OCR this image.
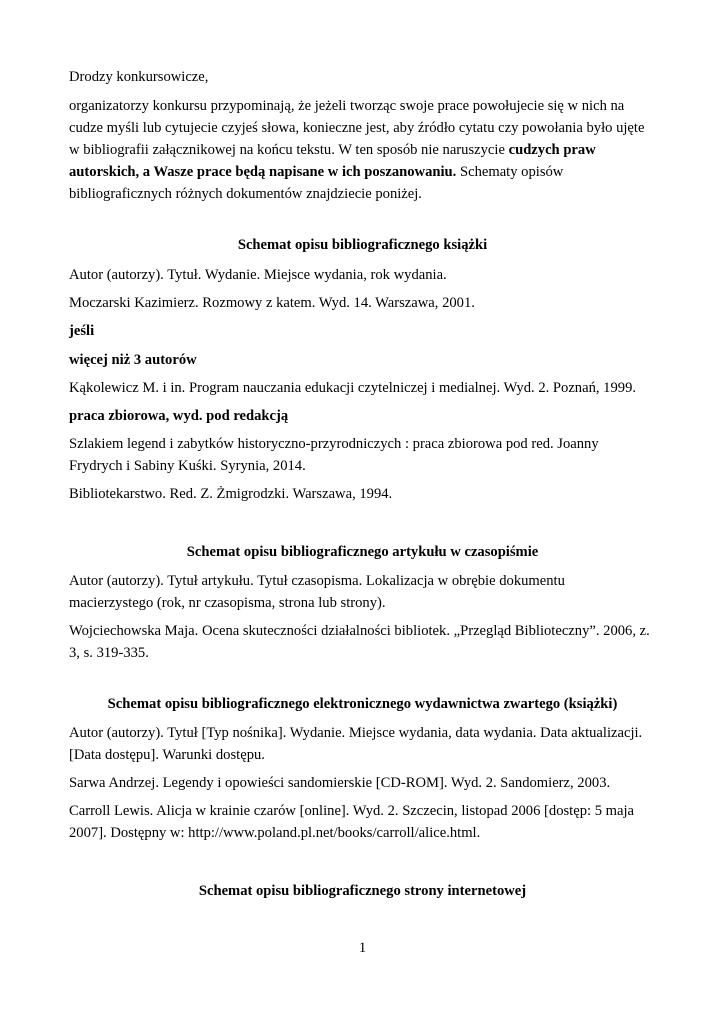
Drodzy konkursowicze,
organizatorzy konkursu przypominają, że jeżeli tworząc swoje prace powołujecie się w nich na
cudze myśli lub cytujecie czyjeś słowa, konieczne jest, aby źródło cytatu czy powołania było ujęte
w bibliografii załącznikowej na końcu tekstu. W ten sposób nie naruszycie cudzych praw
autorskich, a Wasze prace będą napisane w ich poszanowaniu. Schematy opisów
bibliograficznych różnych dokumentów znajdziecie poniżej.
Schemat opisu bibliograficznego książki
Autor (autorzy). Tytuł. Wydanie. Miejsce wydania, rok wydania.
Moczarski Kazimierz. Rozmowy z katem. Wyd. 14. Warszawa, 2001.
jeśli
więcej niż 3 autorów
Kąkolewicz M. i in. Program nauczania edukacji czytelniczej i medialnej. Wyd. 2. Poznań, 1999.
praca zbiorowa, wyd. pod redakcją
Szlakiem legend i zabytków historyczno-przyrodniczych : praca zbiorowa pod red. Joanny
Frydrych i Sabiny Kuśki. Syrynia, 2014.
Bibliotekarstwo. Red. Z. Żmigrodzki. Warszawa, 1994.
Schemat opisu bibliograficznego artykułu w czasopiśmie
Autor (autorzy). Tytuł artykułu. Tytuł czasopisma. Lokalizacja w obrębie dokumentu
macierzystego (rok, nr czasopisma, strona lub strony).
Wojciechowska Maja. Ocena skuteczności działalności bibliotek. „Przegląd Biblioteczny”. 2006, z.
3, s. 319-335.
Schemat opisu bibliograficznego elektronicznego wydawnictwa zwartego (książki)
Autor (autorzy). Tytuł [Typ nośnika]. Wydanie. Miejsce wydania, data wydania. Data aktualizacji.
[Data dostępu]. Warunki dostępu.
Sarwa Andrzej. Legendy i opowieści sandomierskie [CD-ROM]. Wyd. 2. Sandomierz, 2003.
Carroll Lewis. Alicja w krainie czarów [online]. Wyd. 2. Szczecin, listopad 2006 [dostęp: 5 maja
2007]. Dostępny w: http://www.poland.pl.net/books/carroll/alice.html.
Schemat opisu bibliograficznego strony internetowej
1
